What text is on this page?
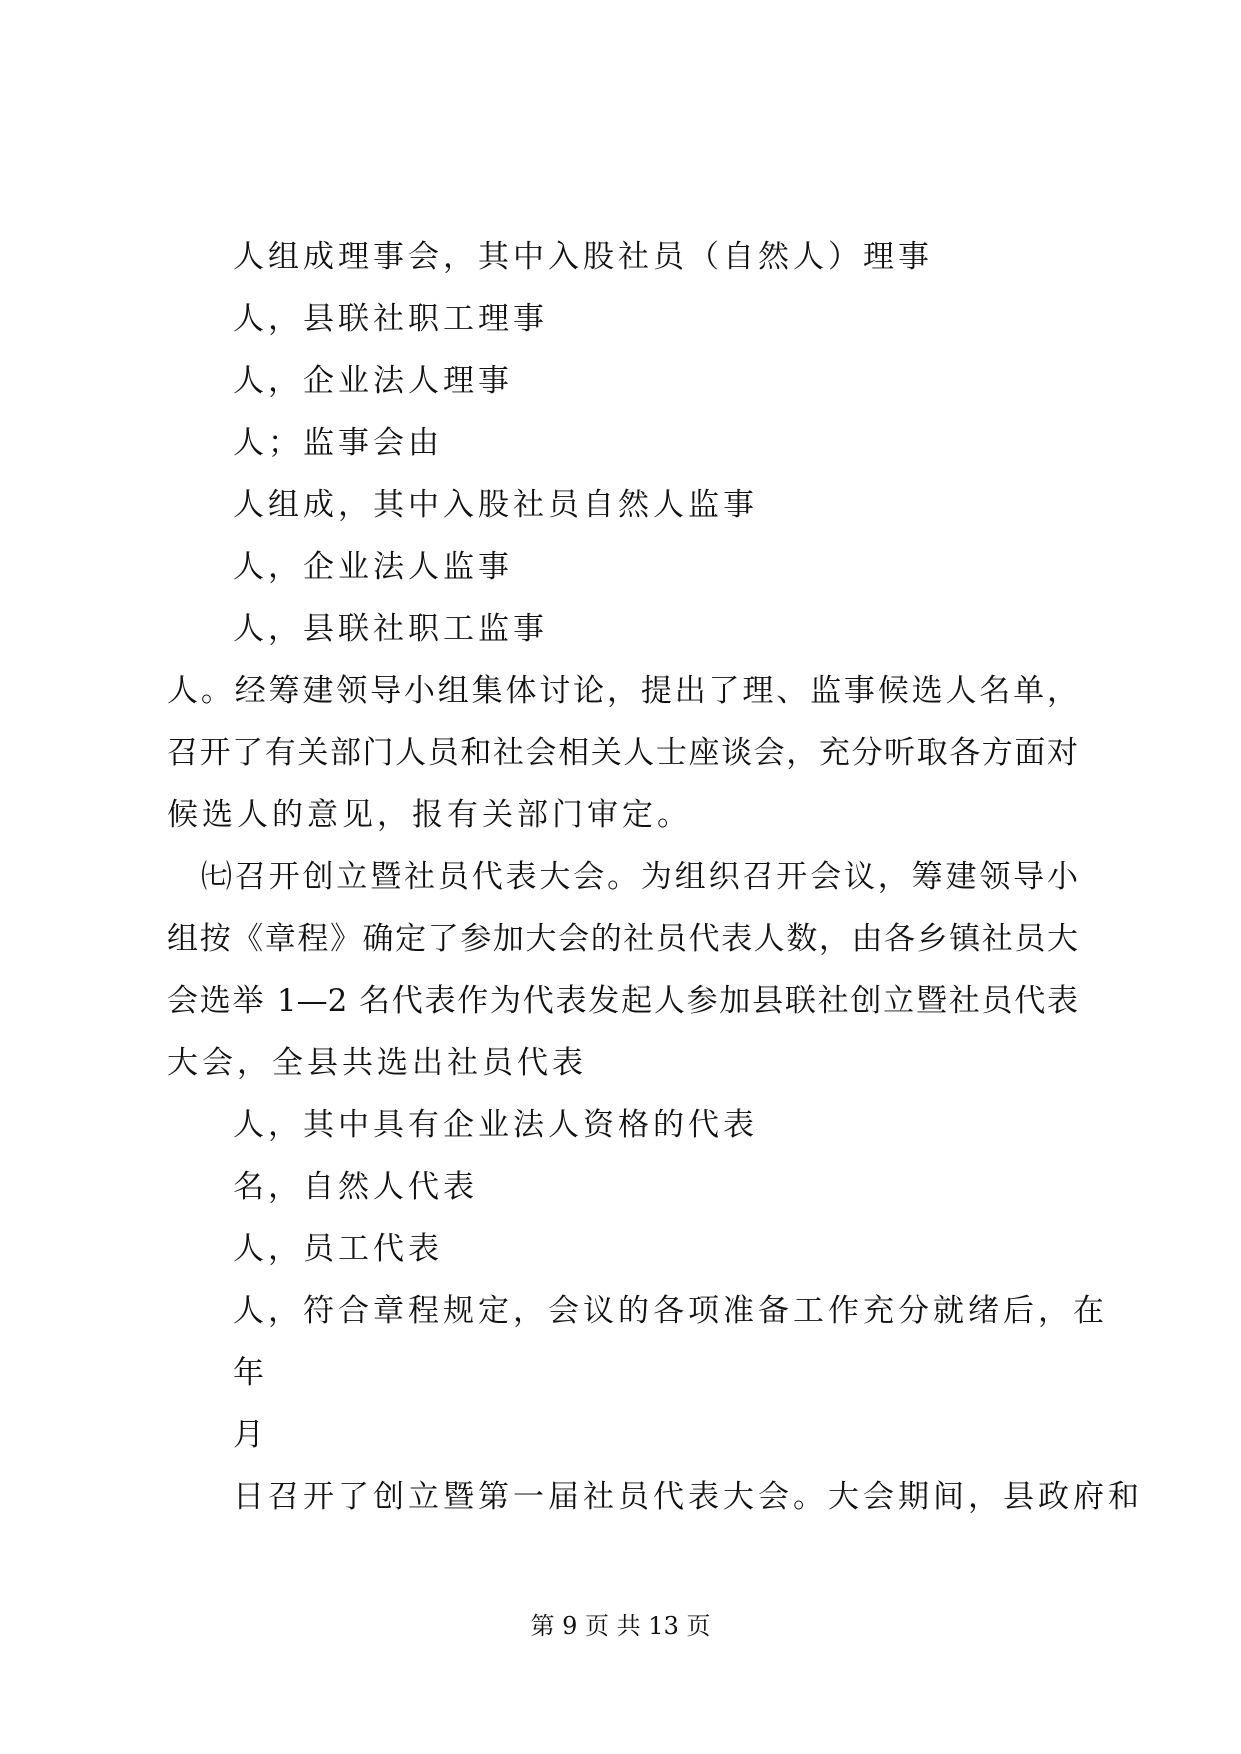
人组成理事会，其中入股社员（自然人）理事
人，县联社职工理事
人，企业法人理事
人；监事会由
人组成，其中入股社员自然人监事
人，企业法人监事
人，县联社职工监事
人。经筹建领导小组集体讨论，提出了理、监事候选人名单，
召开了有关部门人员和社会相关人士座谈会，充分听取各方面对
候选人的意见，报有关部门审定。
㈦召开创立暨社员代表大会。为组织召开会议，筹建领导小
组按《章程》确定了参加大会的社员代表人数，由各乡镇社员大
会选举 1—2 名代表作为代表发起人参加县联社创立暨社员代表
大会，全县共选出社员代表
人，其中具有企业法人资格的代表
名，自然人代表
人，员工代表
人，符合章程规定，会议的各项准备工作充分就绪后，在
年
月
日召开了创立暨第一届社员代表大会。大会期间，县政府和
第 9 页 共 13 页
